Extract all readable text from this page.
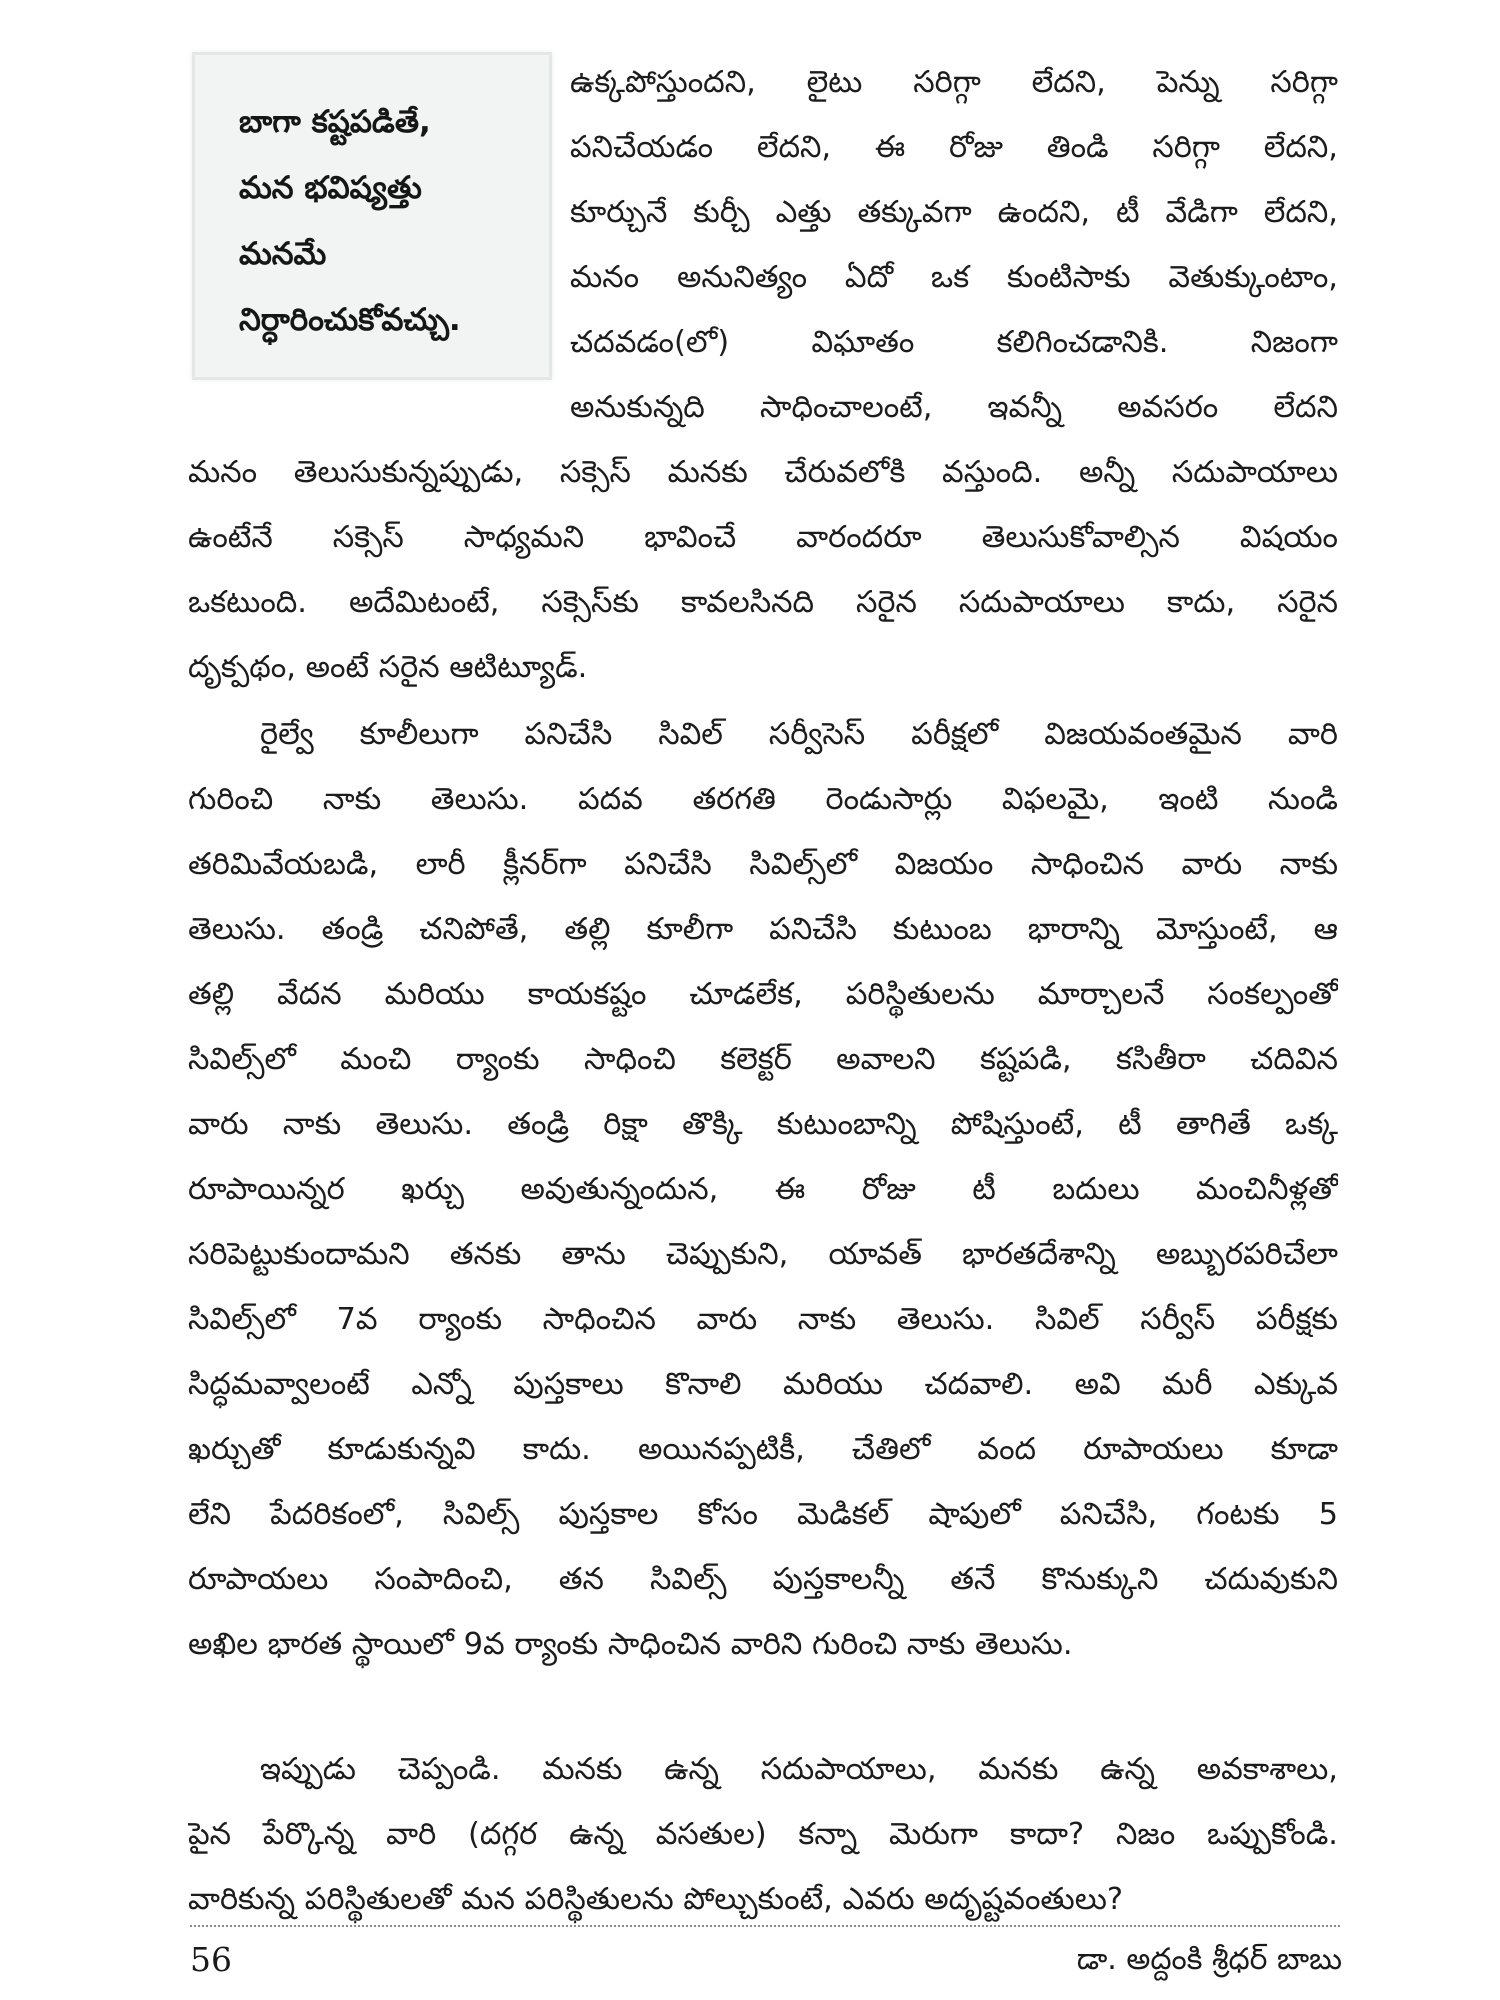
బాగా కష్టపడితే,
మన భవిష్యత్తు
మనమే
నిర్ధారించుకోవచ్చు.
ఉక్కపోస్తుందని, లైటు సరిగ్గా లేదని, పెన్ను సరిగ్గా
పనిచేయడం లేదని, ఈ రోజు తిండి సరిగ్గా లేదని,
కూర్చునే కుర్చీ ఎత్తు తక్కువగా ఉందని, టీ వేడిగా లేదని,
మనం అనునిత్యం ఏదో ఒక కుంటిసాకు వెతుక్కుంటాం,
చదవడం(లో) విఘాతం కలిగించడానికి. నిజంగా
అనుకున్నది సాధించాలంటే, ఇవన్నీ అవసరం లేదని
మనం తెలుసుకున్నప్పుడు, సక్సెస్ మనకు చేరువలోకి వస్తుంది. అన్నీ సదుపాయాలు
ఉంటేనే సక్సెస్ సాధ్యమని భావించే వారందరూ తెలుసుకోవాల్సిన విషయం
ఒకటుంది. అదేమిటంటే, సక్సెస్‌కు కావలసినది సరైన సదుపాయాలు కాదు, సరైన
దృక్పథం, అంటే సరైన ఆటిట్యూడ్.
రైల్వే కూలీలుగా పనిచేసి సివిల్ సర్వీసెస్ పరీక్షలో విజయవంతమైన వారి
గురించి నాకు తెలుసు. పదవ తరగతి రెండుసార్లు విఫలమై, ఇంటి నుండి
తరిమివేయబడి, లారీ క్లీనర్‌గా పనిచేసి సివిల్స్‌లో విజయం సాధించిన వారు నాకు
తెలుసు. తండ్రి చనిపోతే, తల్లి కూలీగా పనిచేసి కుటుంబ భారాన్ని మోస్తుంటే, ఆ
తల్లి వేదన మరియు కాయకష్టం చూడలేక, పరిస్థితులను మార్చాలనే సంకల్పంతో
సివిల్స్‌లో మంచి ర్యాంకు సాధించి కలెక్టర్ అవాలని కష్టపడి, కసితీరా చదివిన
వారు నాకు తెలుసు. తండ్రి రిక్షా తొక్కి కుటుంబాన్ని పోషిస్తుంటే, టీ తాగితే ఒక్క
రూపాయిన్నర ఖర్చు అవుతున్నందున, ఈ రోజు టీ బదులు మంచినీళ్లతో
సరిపెట్టుకుందామని తనకు తాను చెప్పుకుని, యావత్ భారతదేశాన్ని అబ్బురపరిచేలా
సివిల్స్‌లో 7వ ర్యాంకు సాధించిన వారు నాకు తెలుసు. సివిల్ సర్వీస్ పరీక్షకు
సిద్ధమవ్వాలంటే ఎన్నో పుస్తకాలు కొనాలి మరియు చదవాలి. అవి మరీ ఎక్కువ
ఖర్చుతో కూడుకున్నవి కాదు. అయినప్పటికీ, చేతిలో వంద రూపాయలు కూడా
లేని పేదరికంలో, సివిల్స్ పుస్తకాల కోసం మెడికల్ షాపులో పనిచేసి, గంటకు 5
రూపాయలు సంపాదించి, తన సివిల్స్ పుస్తకాలన్నీ తనే కొనుక్కుని చదువుకుని
అఖిల భారత స్థాయిలో 9వ ర్యాంకు సాధించిన వారిని గురించి నాకు తెలుసు.
ఇప్పుడు చెప్పండి. మనకు ఉన్న సదుపాయాలు, మనకు ఉన్న అవకాశాలు,
పైన పేర్కొన్న వారి (దగ్గర ఉన్న వసతుల) కన్నా మెరుగా కాదా? నిజం ఒప్పుకోండి.
వారికున్న పరిస్థితులతో మన పరిస్థితులను పోల్చుకుంటే, ఎవరు అదృష్టవంతులు?
56	డా. అద్దంకి శ్రీధర్ బాబు
